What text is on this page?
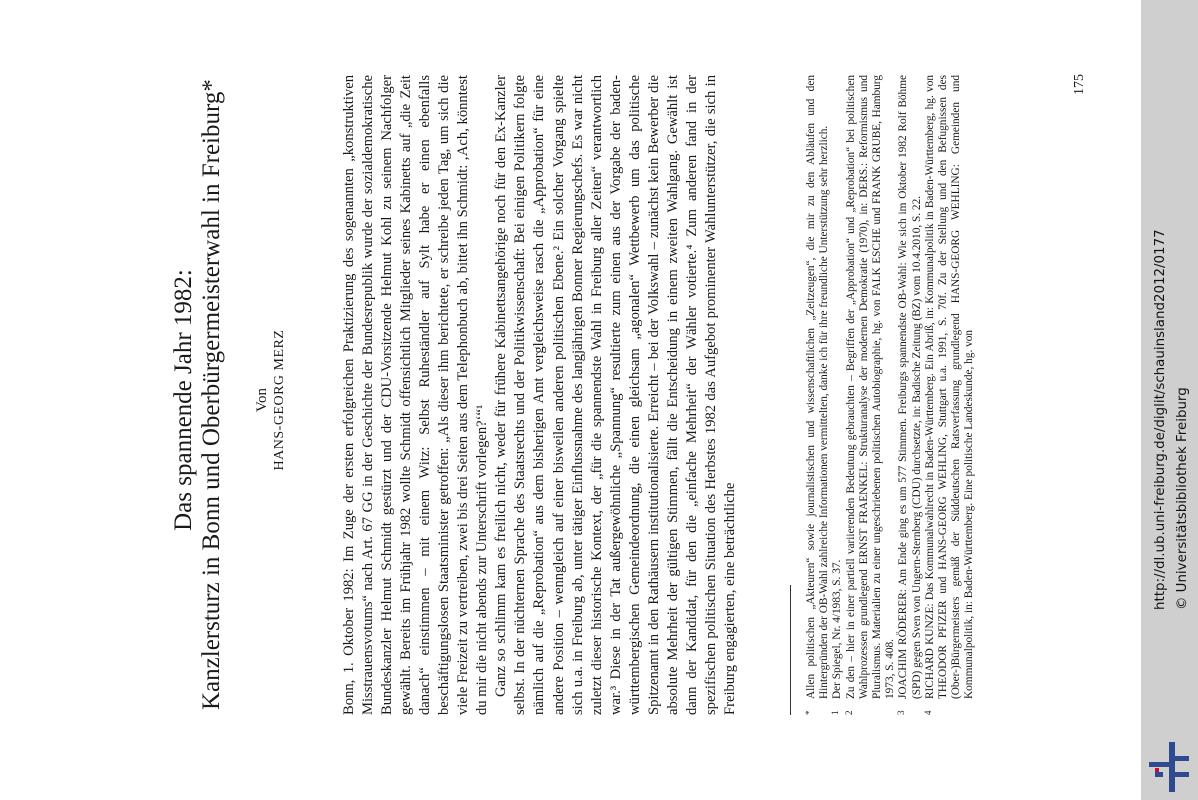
Das spannende Jahr 1982: Kanzlersturz in Bonn und Oberbürgermeisterwahl in Freiburg* Von HANS-GEORG MERZ	Bonn, 1. Oktober 1982: Im Zuge der ersten erfolgreichen Praktizierung des sogenannten „konstruktiven Misstrauensvotums“ nach Art. 67 GG in der Geschichte der Bundesrepublik wurde der sozialdemokratische Bundeskanzler Helmut Schmidt gestürzt und der CDU-Vorsitzende Helmut Kohl zu seinem Nachfolger gewählt. Bereits im Frühjahr 1982 wollte Schmidt offensichtlich Mitglieder seines Kabinetts auf „die Zeit danach“ einstimmen – mit einem Witz: Selbst Ruheständler auf Sylt habe er einen ebenfalls beschäftigungslosen Staatsminister getroffen: „Als dieser ihm berichtete, er schreibe jeden Tag, um sich die viele Freizeit zu vertreiben, zwei bis drei Seiten aus dem Telephonbuch ab, bittet ihn Schmidt: ‚Ach, könntest du mir die nicht abends zur Unterschrift vorlegen?‘“¹ Ganz so schlimm kam es freilich nicht, weder für frühere Kabinettsangehörige noch für den Ex-Kanzler selbst. In der nüchternen Sprache des Staatsrechts und der Politikwissenschaft: Bei einigen Politikern folgte nämlich auf die „Reprobation“ aus dem bisherigen Amt vergleichsweise rasch die „Approbation“ für eine andere Position – wenngleich auf einer bisweilen anderen politischen Ebene.² Ein solcher Vorgang spielte sich u.a. in Freiburg ab, unter tätiger Einflussnahme des langjährigen Bonner Regierungschefs. Es war nicht zuletzt dieser historische Kontext, der „für die spannendste Wahl in Freiburg aller Zeiten“ verantwortlich war.³ Diese in der Tat außergewöhnliche „Spannung“ resultierte zum einen aus der Vorgabe der baden-württembergischen Gemeindeordnung, die einen gleichsam „agonalen“ Wettbewerb um das politische Spitzenamt in den Rathäusern institutionalisierte. Erreicht – bei der Volkswahl – zunächst kein Bewerber die absolute Mehrheit der gültigen Stimmen, fällt die Entscheidung in einem zweiten Wahlgang. Gewählt ist dann der Kandidat, für den die „einfache Mehrheit“ der Wähler votierte.⁴ Zum anderen fand in der spezifischen politischen Situation des Herbstes 1982 das Aufgebot prominenter Wahlunterstützer, die sich in Freiburg engagierten, eine beträchtliche	*
Allen politischen „Akteuren“ sowie journalistischen und wissenschaftlichen „Zeitzeugen“, die mir zu den Abläufen und den Hintergründen der OB-Wahl zahlreiche Informationen vermittelten, danke ich für ihre freundliche Unterstützung sehr herzlich.

1
Der Spiegel, Nr. 4/1983, S. 37.

2
Zu den – hier in einer partiell variierenden Bedeutung gebrauchten – Begriffen der „Approbation“ und „Reprobation“ bei politischen Wahlprozessen grundlegend ERNST FRAENKEL: Strukturanalyse der modernen Demokratie (1970), in: DERS.: Reformismus und Pluralismus. Materialien zu einer ungeschriebenen politischen Autobiographie, hg. von FALK ESCHE und FRANK GRUBE, Hamburg 1973, S. 408.

3
JOACHIM RÖDERER: Am Ende ging es um 577 Stimmen. Freiburgs spannendste OB-Wahl: Wie sich im Oktober 1982 Rolf Böhme (SPD) gegen Sven von Ungern-Sternberg (CDU) durchsetzte, in: Badische Zeitung (BZ) vom 10.4.2010, S. 22.

4
RICHARD KUNZE: Das Kommunalwahlrecht in Baden-Württemberg. Ein Abriß, in: Kommunalpolitik in Baden-Württemberg, hg. von THEODOR PFIZER und HANS-GEORG WEHLING, Stuttgart u.a. 1991, S. 70f. Zu der Stellung und den Befugnissen des (Ober-)Bürgermeisters gemäß der Süddeutschen Ratsverfassung grundlegend HANS-GEORG WEHLING: Gemeinden und Kommunalpolitik, in: Baden-Württemberg. Eine politische Landeskunde, hg. von

175
http://dl.ub.uni-freiburg.de/diglit/schauinsland2012/0177 © Universitätsbibliothek Freiburg
